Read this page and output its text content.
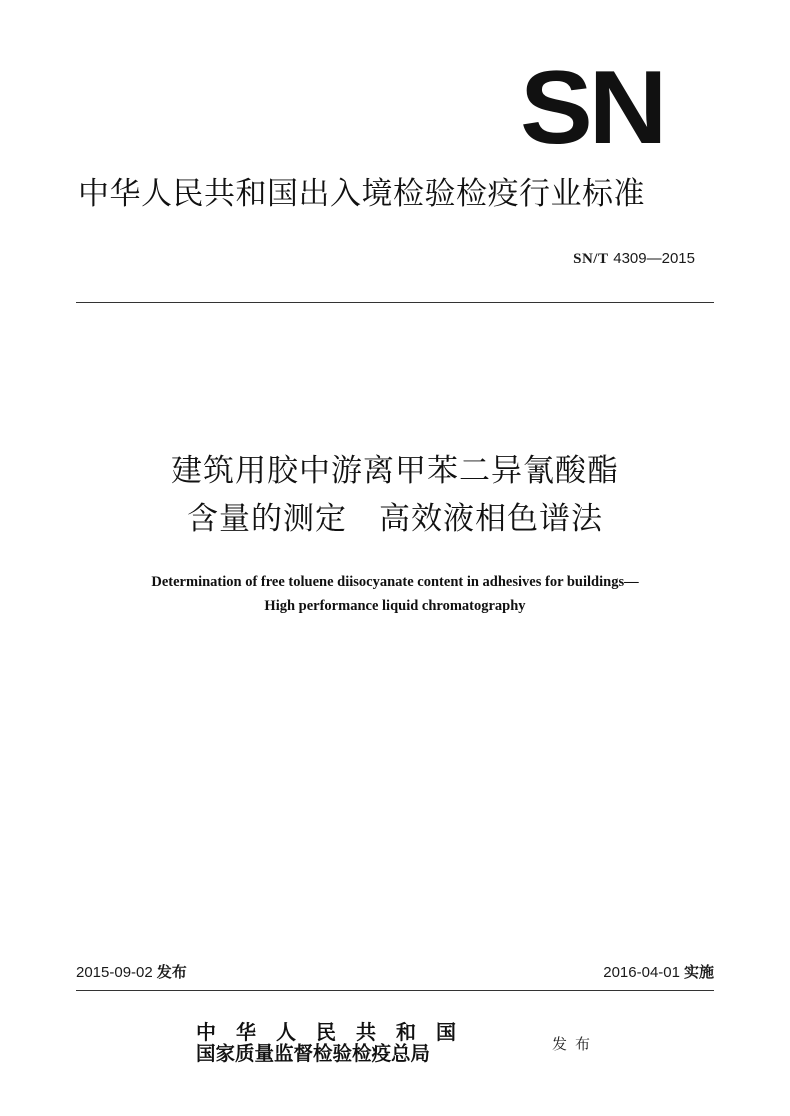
SN
中华人民共和国出入境检验检疫行业标准
SN/T 4309—2015
建筑用胶中游离甲苯二异氰酸酯
含量的测定　高效液相色谱法
Determination of free toluene diisocyanate content in adhesives for buildings—
High performance liquid chromatography
2015-09-02 发布	2016-04-01 实施
中华人民共和国
国家质量监督检验检疫总局	发布
